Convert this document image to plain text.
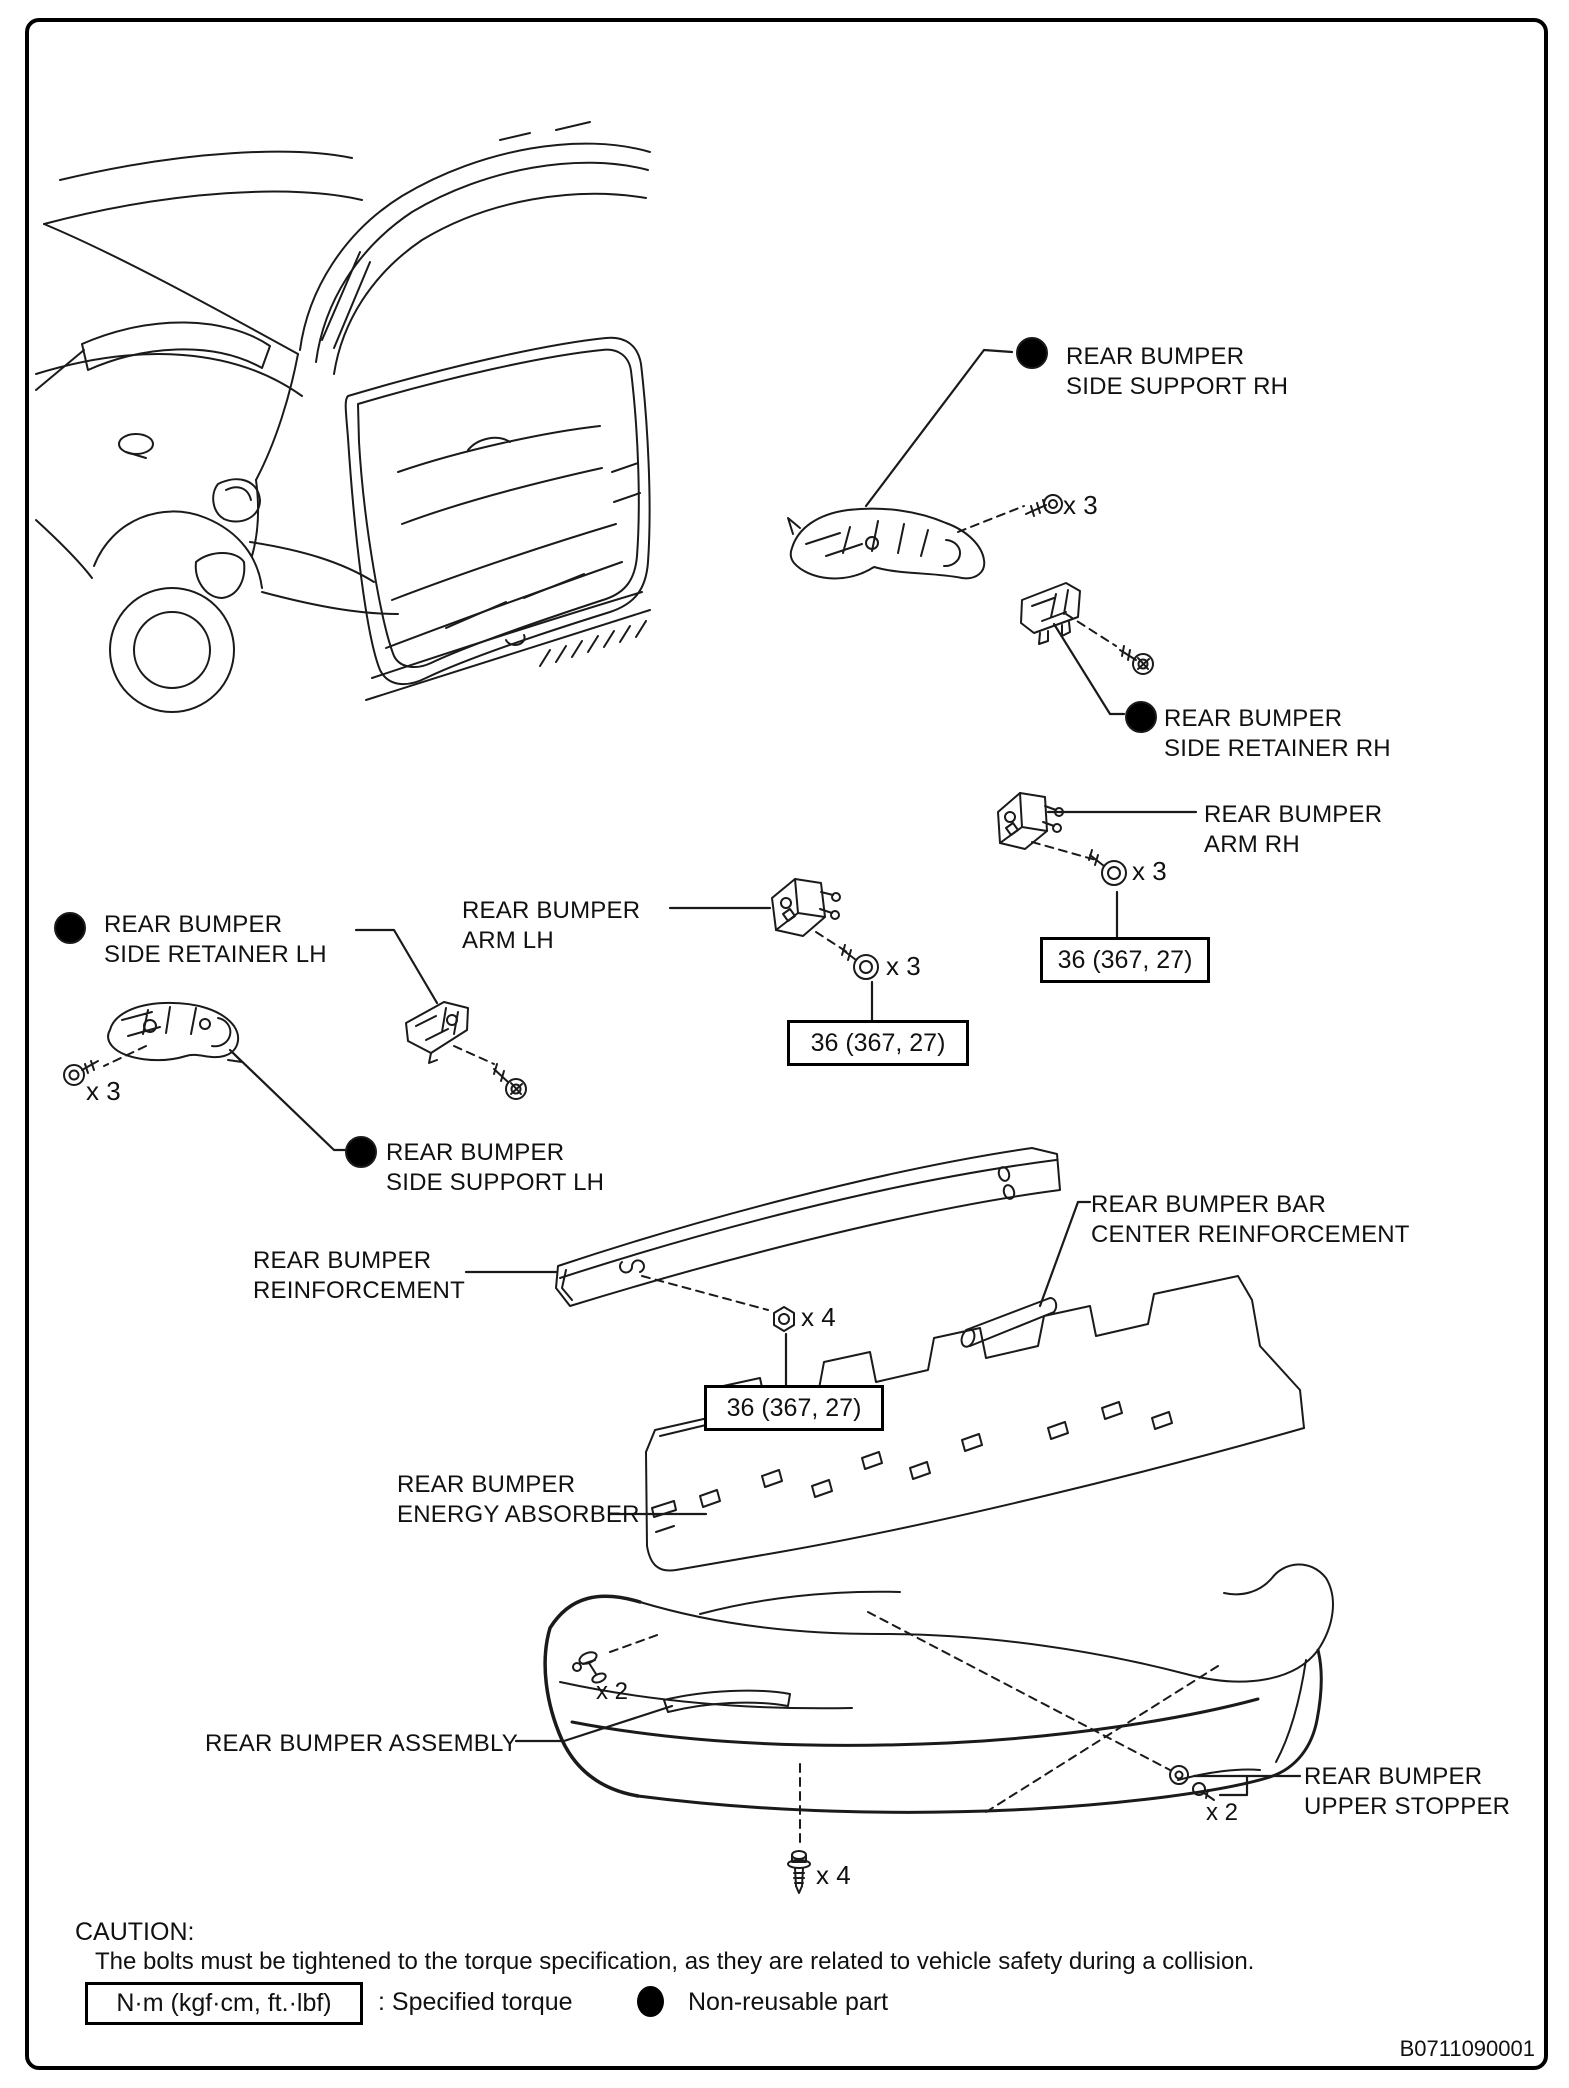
REAR BUMPER
SIDE SUPPORT RH
REAR BUMPER
SIDE RETAINER RH
REAR BUMPER
ARM RH
REAR BUMPER
ARM LH
REAR BUMPER
SIDE RETAINER LH
REAR BUMPER
SIDE SUPPORT LH
REAR BUMPER
REINFORCEMENT
REAR BUMPER BAR
CENTER REINFORCEMENT
REAR BUMPER
ENERGY ABSORBER
REAR BUMPER ASSEMBLY
REAR BUMPER
UPPER STOPPER
x 3
x 3
x 3
x 3
x 4
x 2
x 2
x 4
36 (367, 27)
36 (367, 27)
36 (367, 27)
CAUTION:
The bolts must be tightened to the torque specification, as they are related to vehicle safety during a collision.
N·m (kgf·cm, ft.·lbf) : Specified torque	Non-reusable part
B0711090001
